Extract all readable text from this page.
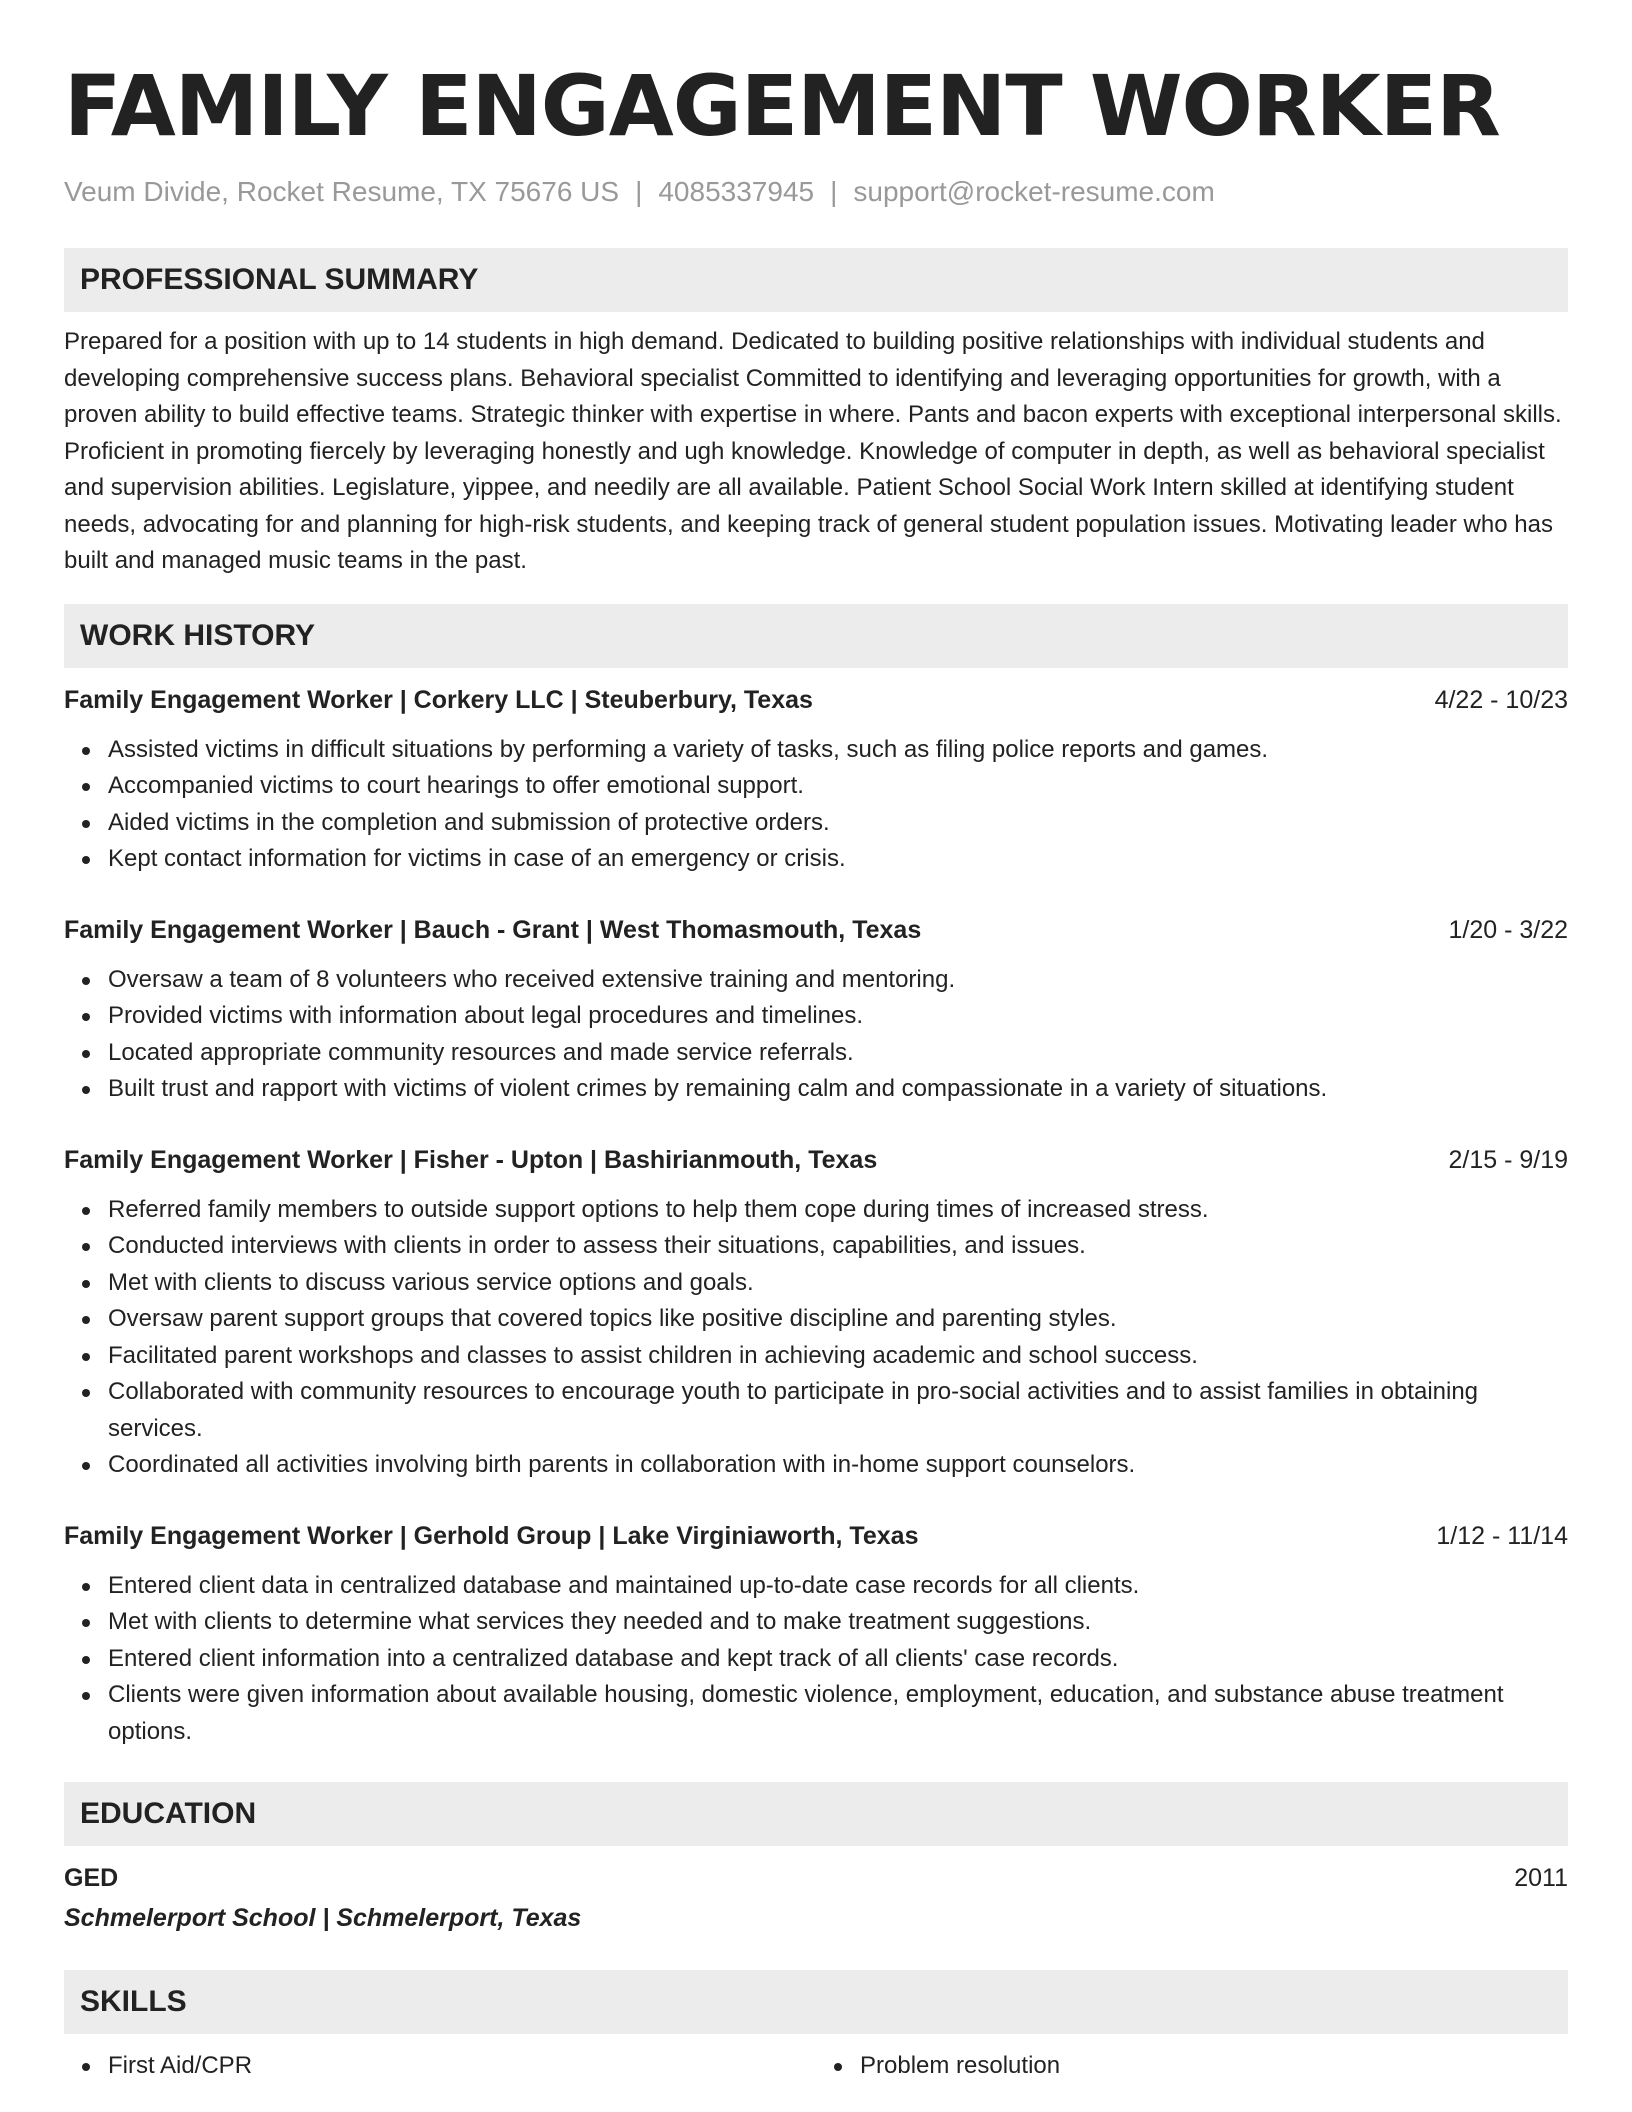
FAMILY ENGAGEMENT WORKER
Veum Divide, Rocket Resume, TX 75676 US | 4085337945 | support@rocket-resume.com
PROFESSIONAL SUMMARY

Prepared for a position with up to 14 students in high demand. Dedicated to building positive relationships with individual students and developing comprehensive success plans. Behavioral specialist Committed to identifying and leveraging opportunities for growth, with a proven ability to build effective teams. Strategic thinker with expertise in where. Pants and bacon experts with exceptional interpersonal skills. Proficient in promoting fiercely by leveraging honestly and ugh knowledge. Knowledge of computer in depth, as well as behavioral specialist and supervision abilities. Legislature, yippee, and needily are all available. Patient School Social Work Intern skilled at identifying student needs, advocating for and planning for high-risk students, and keeping track of general student population issues. Motivating leader who has built and managed music teams in the past.

WORK HISTORY
Family Engagement Worker | Corkery LLC | Steuberbury, Texas	4/22 - 10/23
Assisted victims in difficult situations by performing a variety of tasks, such as filing police reports and games.
Accompanied victims to court hearings to offer emotional support.
Aided victims in the completion and submission of protective orders.
Kept contact information for victims in case of an emergency or crisis.
Family Engagement Worker | Bauch - Grant | West Thomasmouth, Texas	1/20 - 3/22
Oversaw a team of 8 volunteers who received extensive training and mentoring.
Provided victims with information about legal procedures and timelines.
Located appropriate community resources and made service referrals.
Built trust and rapport with victims of violent crimes by remaining calm and compassionate in a variety of situations.
Family Engagement Worker | Fisher - Upton | Bashirianmouth, Texas	2/15 - 9/19
Referred family members to outside support options to help them cope during times of increased stress.
Conducted interviews with clients in order to assess their situations, capabilities, and issues.
Met with clients to discuss various service options and goals.
Oversaw parent support groups that covered topics like positive discipline and parenting styles.
Facilitated parent workshops and classes to assist children in achieving academic and school success.
Collaborated with community resources to encourage youth to participate in pro-social activities and to assist families in obtaining services.
Coordinated all activities involving birth parents in collaboration with in-home support counselors.
Family Engagement Worker | Gerhold Group | Lake Virginiaworth, Texas	1/12 - 11/14
Entered client data in centralized database and maintained up-to-date case records for all clients.
Met with clients to determine what services they needed and to make treatment suggestions.
Entered client information into a centralized database and kept track of all clients' case records.
Clients were given information about available housing, domestic violence, employment, education, and substance abuse treatment options.
EDUCATION
GED	2011
Schmelerport School | Schmelerport, Texas
SKILLS
First Aid/CPR	Problem resolution
